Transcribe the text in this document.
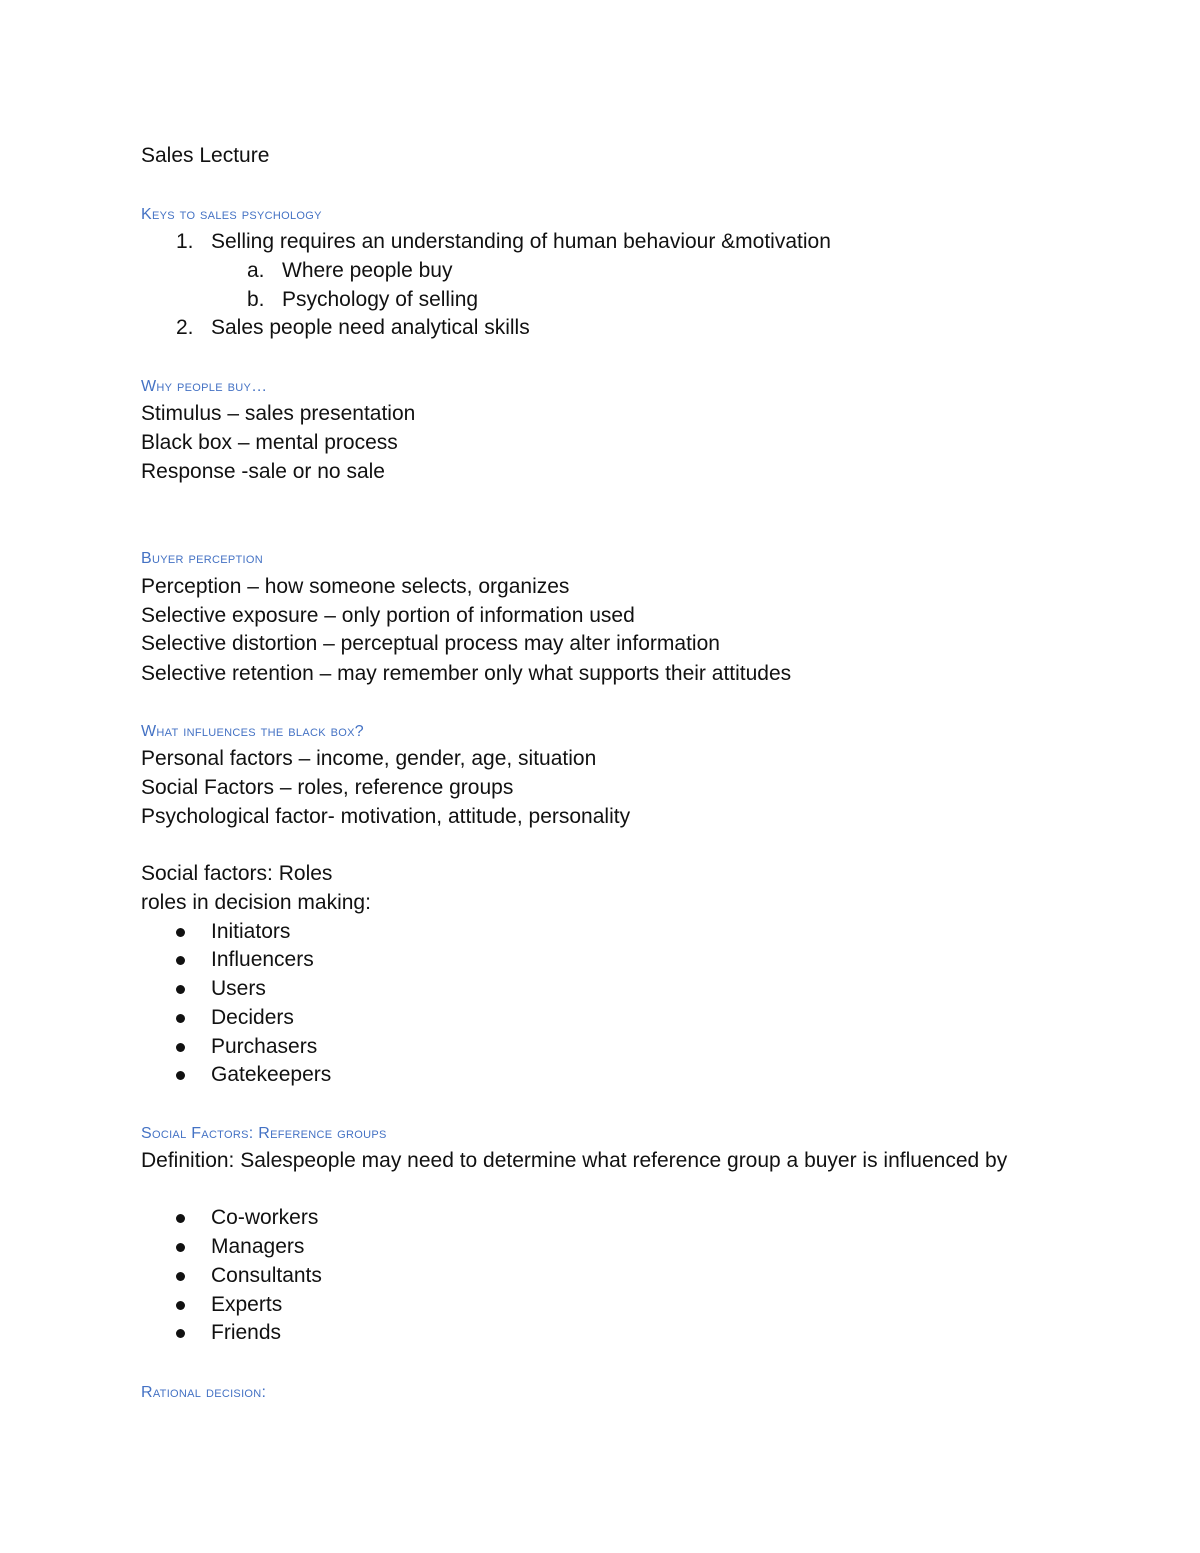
Sales Lecture
Keys to sales psychology
1. Selling requires an understanding of human behaviour &motivation
a. Where people buy
b. Psychology of selling
2. Sales people need analytical skills
Why people buy…
Stimulus – sales presentation
Black box – mental process
Response -sale or no sale
Buyer perception
Perception – how someone selects, organizes
Selective exposure – only portion of information used
Selective distortion – perceptual process may alter information
Selective retention – may remember only what supports their attitudes
What influences the black box?
Personal factors – income, gender, age, situation
Social Factors – roles, reference groups
Psychological factor- motivation, attitude, personality
Social factors: Roles
roles in decision making:
Initiators
Influencers
Users
Deciders
Purchasers
Gatekeepers
Social Factors: Reference groups
Definition: Salespeople may need to determine what reference group a buyer is influenced by
Co-workers
Managers
Consultants
Experts
Friends
Rational decision:
